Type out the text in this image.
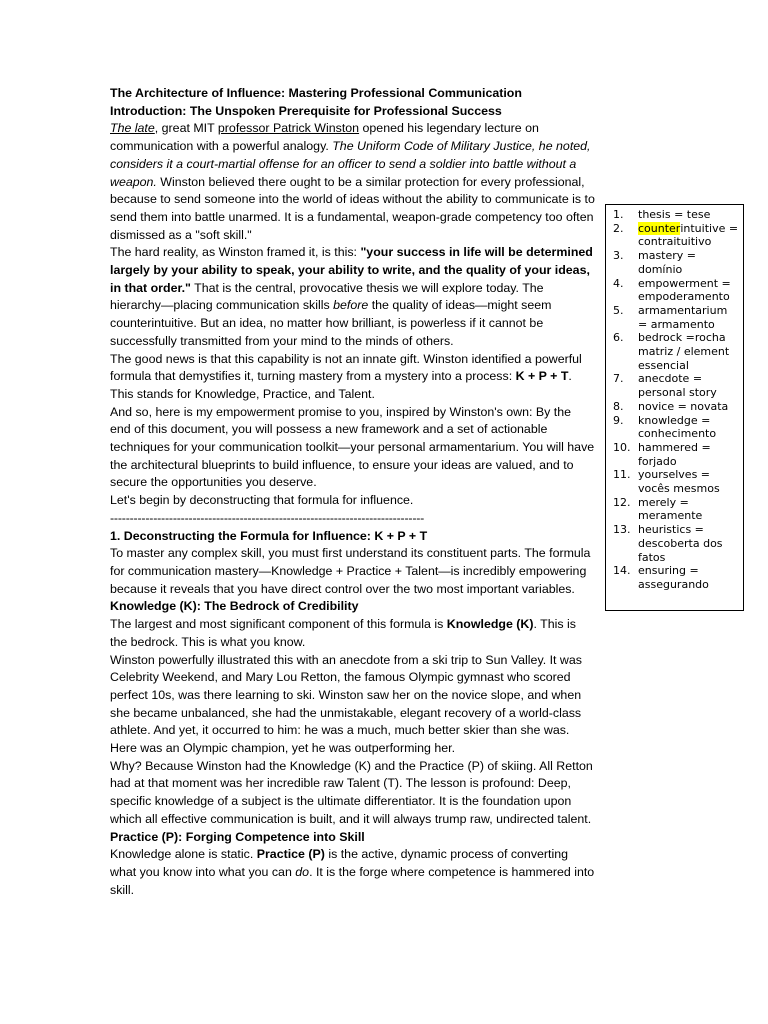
The Architecture of Influence: Mastering Professional Communication

Introduction: The Unspoken Prerequisite for Professional Success

The late, great MIT professor Patrick Winston opened his legendary lecture on communication with a powerful analogy. The Uniform Code of Military Justice, he noted, considers it a court-martial offense for an officer to send a soldier into battle without a weapon. Winston believed there ought to be a similar protection for every professional, because to send someone into the world of ideas without the ability to communicate is to send them into battle unarmed. It is a fundamental, weapon-grade competency too often dismissed as a "soft skill."

The hard reality, as Winston framed it, is this: "your success in life will be determined largely by your ability to speak, your ability to write, and the quality of your ideas, in that order." That is the central, provocative thesis we will explore today. The hierarchy—placing communication skills before the quality of ideas—might seem counterintuitive. But an idea, no matter how brilliant, is powerless if it cannot be successfully transmitted from your mind to the minds of others.

The good news is that this capability is not an innate gift. Winston identified a powerful formula that demystifies it, turning mastery from a mystery into a process: K + P + T. This stands for Knowledge, Practice, and Talent.

And so, here is my empowerment promise to you, inspired by Winston's own: By the end of this document, you will possess a new framework and a set of actionable techniques for your communication toolkit—your personal armamentarium. You will have the architectural blueprints to build influence, to ensure your ideas are valued, and to secure the opportunities you deserve.

Let's begin by deconstructing that formula for influence.

--------------------------------------------------------------------------------

1. Deconstructing the Formula for Influence: K + P + T

To master any complex skill, you must first understand its constituent parts. The formula for communication mastery—Knowledge + Practice + Talent—is incredibly empowering because it reveals that you have direct control over the two most important variables.

Knowledge (K): The Bedrock of Credibility

The largest and most significant component of this formula is Knowledge (K). This is the bedrock. This is what you know.

Winston powerfully illustrated this with an anecdote from a ski trip to Sun Valley. It was Celebrity Weekend, and Mary Lou Retton, the famous Olympic gymnast who scored perfect 10s, was there learning to ski. Winston saw her on the novice slope, and when she became unbalanced, she had the unmistakable, elegant recovery of a world-class athlete. And yet, it occurred to him: he was a much, much better skier than she was. Here was an Olympic champion, yet he was outperforming her.

Why? Because Winston had the Knowledge (K) and the Practice (P) of skiing. All Retton had at that moment was her incredible raw Talent (T). The lesson is profound: Deep, specific knowledge of a subject is the ultimate differentiator. It is the foundation upon which all effective communication is built, and it will always trump raw, undirected talent.

Practice (P): Forging Competence into Skill

Knowledge alone is static. Practice (P) is the active, dynamic process of converting what you know into what you can do. It is the forge where competence is hammered into skill.

1.	thesis = tese
2.	counterintuitive = contraituitivo
3.	mastery = domínio
4.	empowerment = empoderamento
5.	armamentarium = armamento
6.	bedrock =rocha matriz / element essencial
7.	anecdote = personal story
8.	novice = novata
9.	knowledge = conhecimento
10. hammered = forjado
11. yourselves = vocês mesmos
12. merely = meramente
13. heuristics = descoberta dos fatos
14. ensuring = assegurando
